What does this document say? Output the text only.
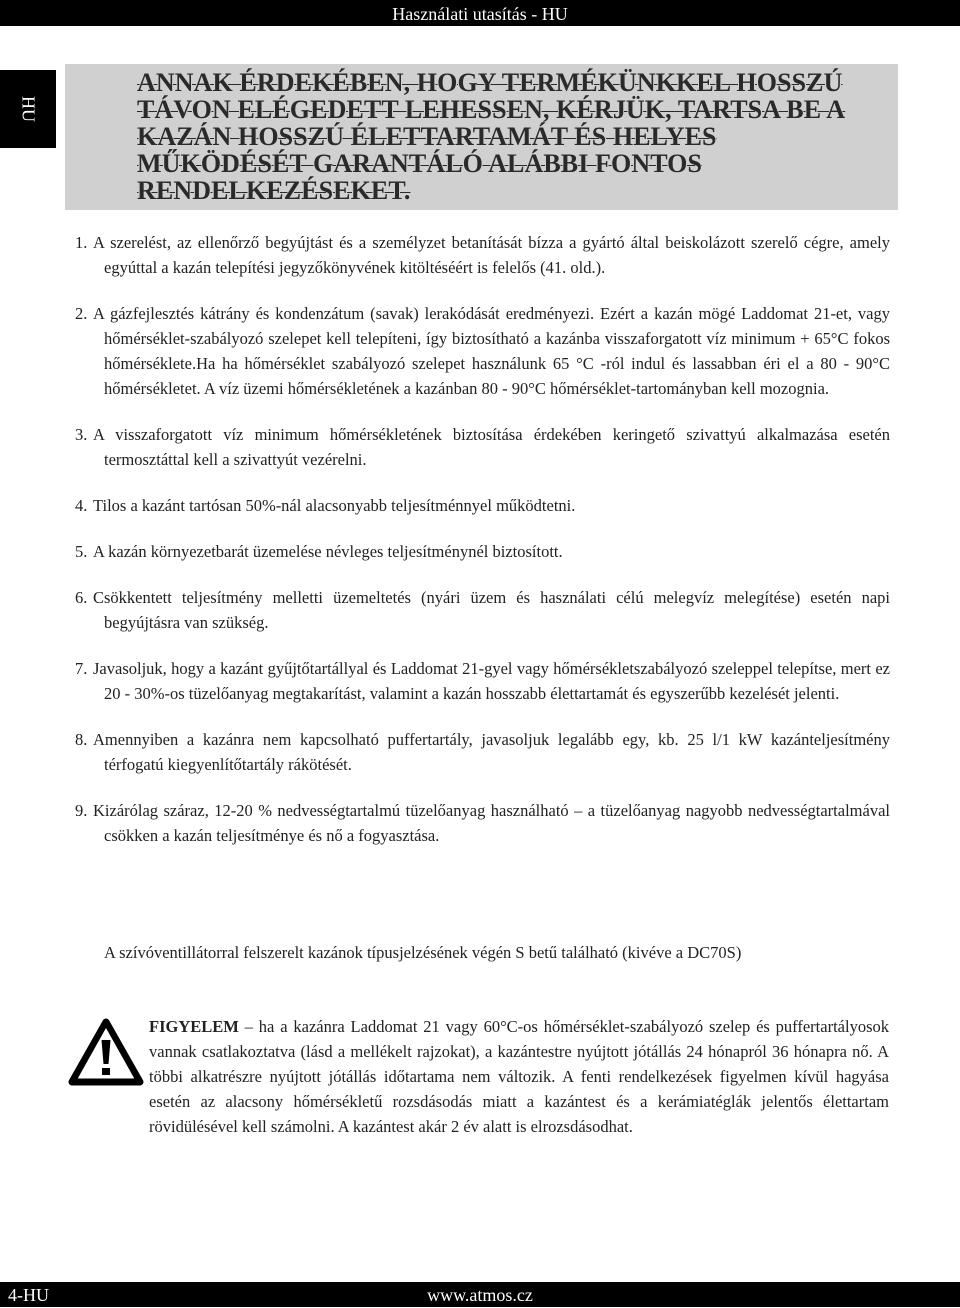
Használati utasítás - HU
HU
ANNAK ÉRDEKÉBEN, HOGY TERMÉKÜNKKEL HOSSZÚ TÁVON ELÉGEDETT LEHESSEN, KÉRJÜK, TARTSA BE A KAZÁN HOSSZÚ ÉLETTARTAMÁT ÉS HELYES MŰKÖDÉSÉT GARANTÁLÓ ALÁBBI FONTOS RENDELKEZÉSEKET.
1. A szerelést, az ellenőrző begyújtást és a személyzet betanítását bízza a gyártó által beiskolázott szerelő cégre, amely egyúttal a kazán telepítési jegyzőkönyvének kitöltéséért is felelős (41. old.).
2. A gázfejlesztés kátrány és kondenzátum (savak) lerakódását eredményezi. Ezért a kazán mögé Laddomat 21-et, vagy hőmérséklet-szabályozó szelepet kell telepíteni, így biztosítható a kazánba visszaforgatott víz minimum + 65°C fokos hőmérséklete.Ha ha hőmérséklet szabályozó szelepet használunk 65 °C -ról indul és lassabban éri el a 80 - 90°C hőmérsékletet. A víz üzemi hőmérsékletének a kazánban 80 - 90°C hőmérséklet-tartományban kell mozognia.
3. A visszaforgatott víz minimum hőmérsékletének biztosítása érdekében keringető szivattyú alkalmazása esetén termosztáttal kell a szivattyút vezérelni.
4. Tilos a kazánt tartósan 50%-nál alacsonyabb teljesítménnyel működtetni.
5. A kazán környezetbarát üzemelése névleges teljesítménynél biztosított.
6. Csökkentett teljesítmény melletti üzemeltetés (nyári üzem és használati célú melegvíz melegítése) esetén napi begyújtásra van szükség.
7. Javasoljuk, hogy a kazánt gyűjtőtartállyal és Laddomat 21-gyel vagy hőmérsékletszabályozó szeleppel telepítse, mert ez 20 - 30%-os tüzelőanyag megtakarítást, valamint a kazán hosszabb élettartamát és egyszerűbb kezelését jelenti.
8. Amennyiben a kazánra nem kapcsolható puffertartály, javasoljuk legalább egy, kb. 25 l/1 kW kazánteljesítmény térfogatú kiegyenlítőtartály rákötését.
9. Kizárólag száraz, 12-20 % nedvességtartalmú tüzelőanyag használható – a tüzelőanyag nagyobb nedvességtartalmával csökken a kazán teljesítménye és nő a fogyasztása.
A szívóventillátorral felszerelt kazánok típusjelzésének végén S betű található (kivéve a DC70S)
FIGYELEM – ha a kazánra Laddomat 21 vagy 60°C-os hőmérséklet-szabályozó szelep és puffertartályosok vannak csatlakoztatva (lásd a mellékelt rajzokat), a kazántestre nyújtott jótállás 24 hónapról 36 hónapra nő. A többi alkatrészre nyújtott jótállás időtartama nem változik. A fenti rendelkezések figyelmen kívül hagyása esetén az alacsony hőmérsékletű rozsdásodás miatt a kazántest és a kerámiatéglák jelentős élettartam rövidülésével kell számolni. A kazántest akár 2 év alatt is elrozsdásodhat.
4-HU	www.atmos.cz
